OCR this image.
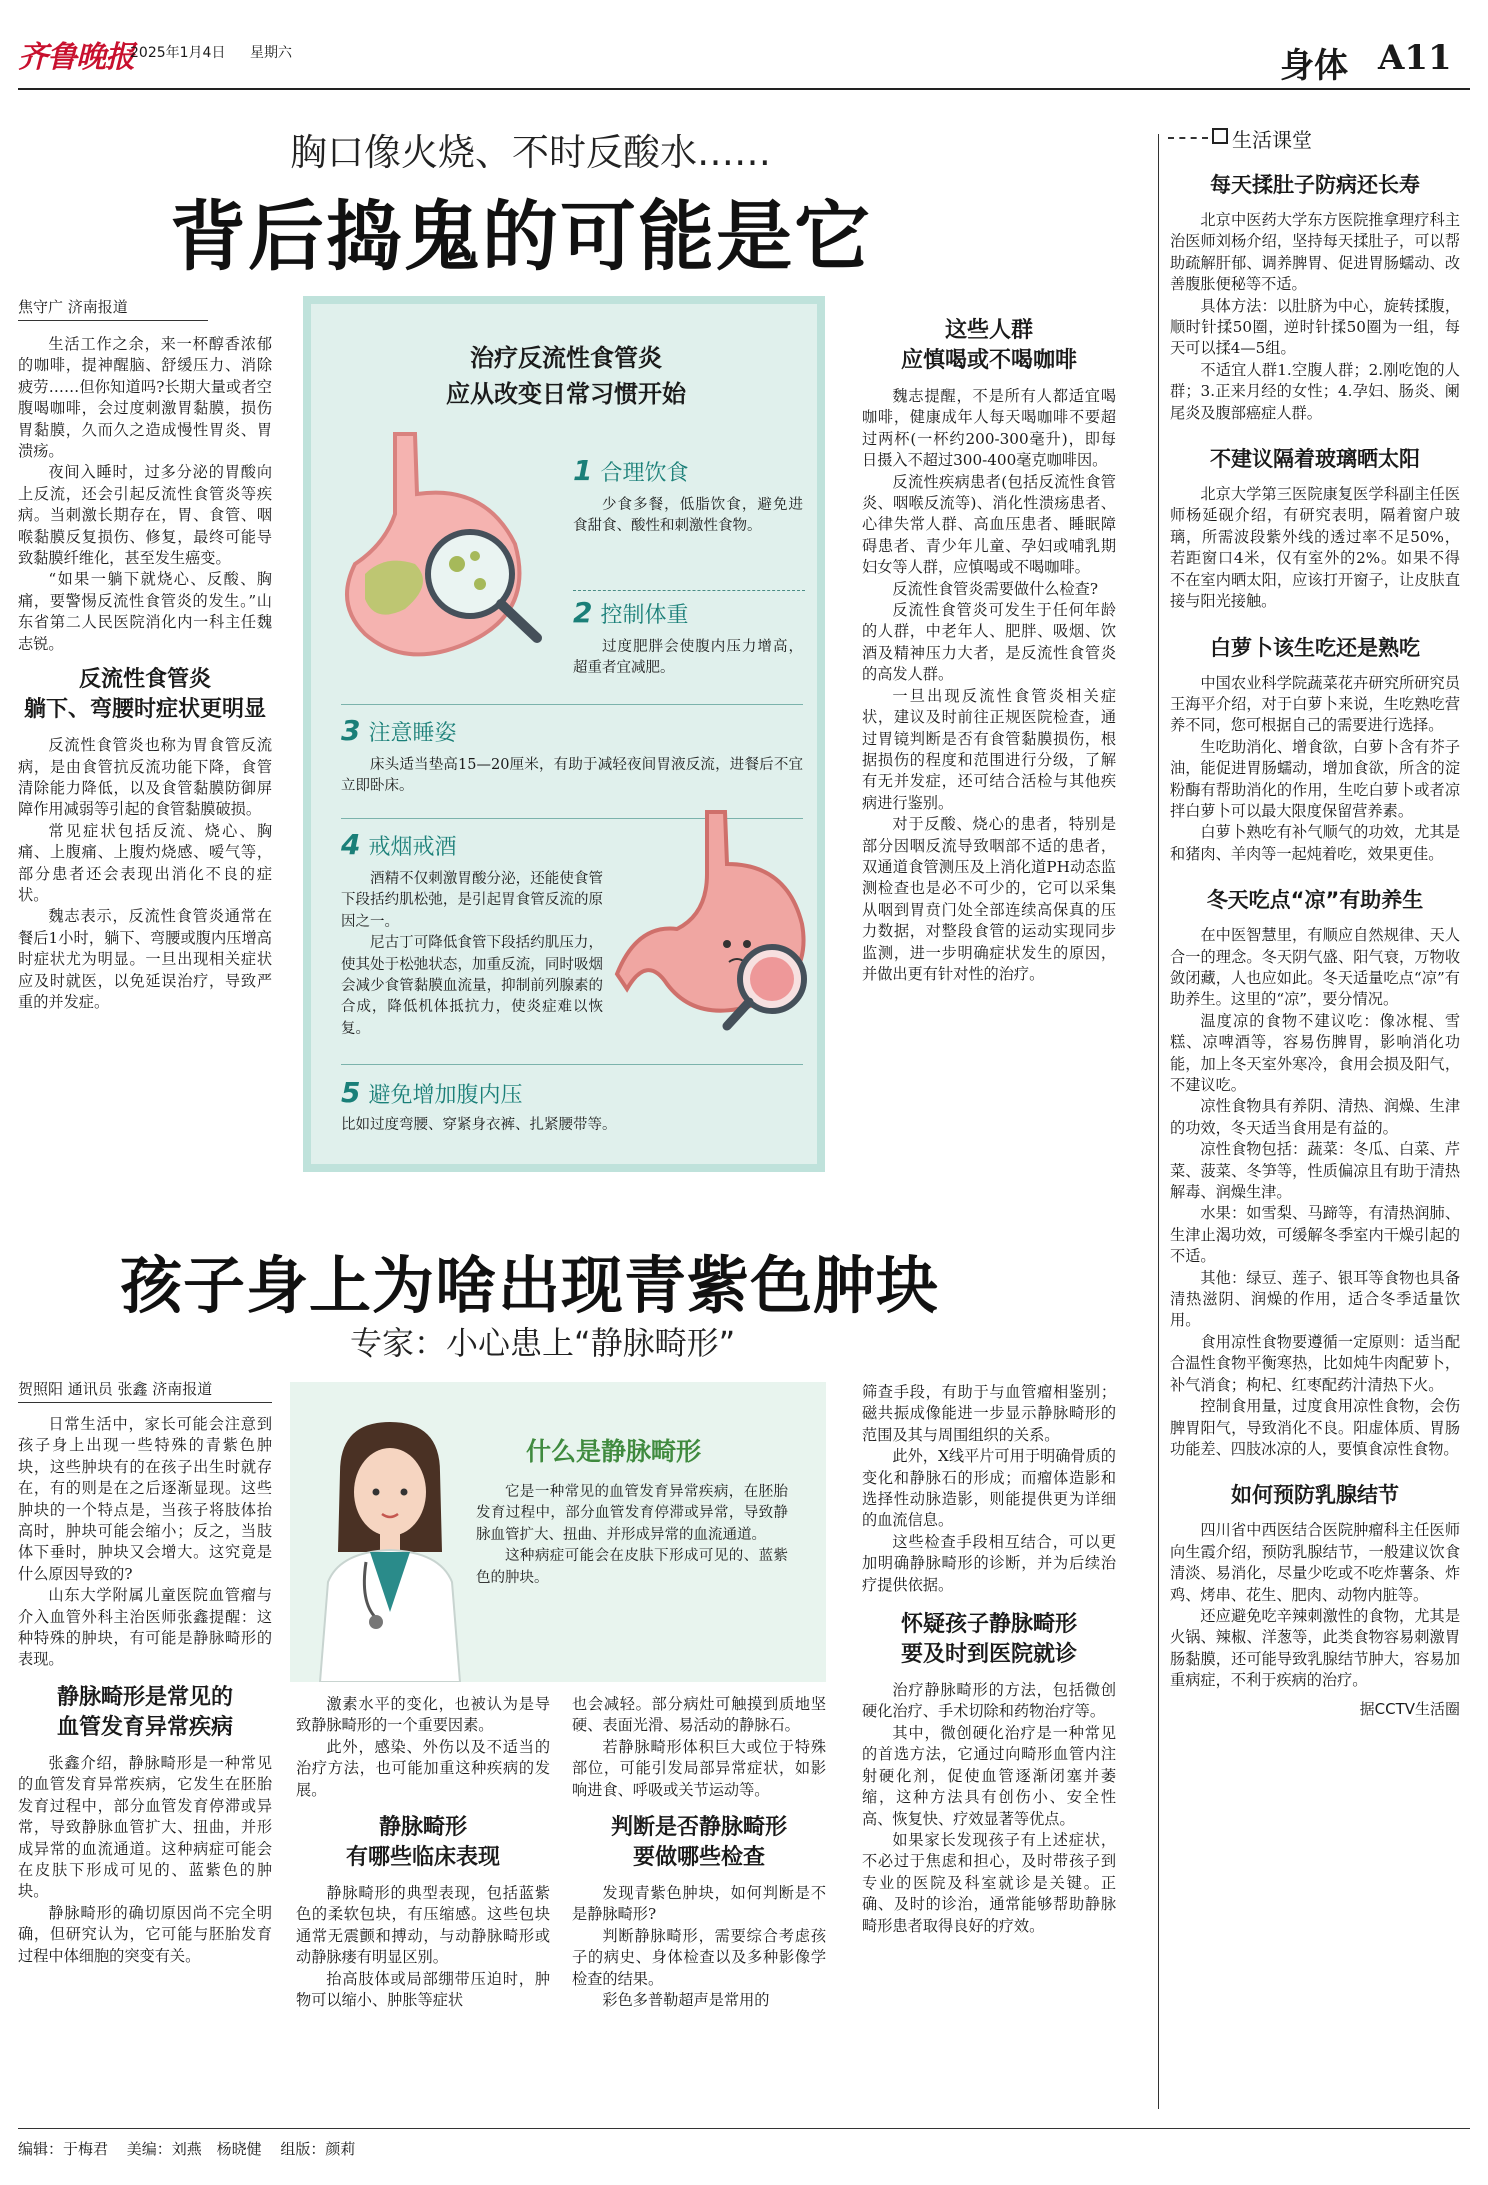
齐鲁晚报
2025年1月4日 星期六	身体 A11
胸口像火烧、不时反酸水……
背后捣鬼的可能是它
焦守广 济南报道

生活工作之余，来一杯醇香浓郁的咖啡，提神醒脑、舒缓压力、消除疲劳……但你知道吗?长期大量或者空腹喝咖啡，会过度刺激胃黏膜，损伤胃黏膜，久而久之造成慢性胃炎、胃溃疡。

夜间入睡时，过多分泌的胃酸向上反流，还会引起反流性食管炎等疾病。当刺激长期存在，胃、食管、咽喉黏膜反复损伤、修复，最终可能导致黏膜纤维化，甚至发生癌变。

“如果一躺下就烧心、反酸、胸痛，要警惕反流性食管炎的发生。”山东省第二人民医院消化内一科主任魏志锐。

反流性食管炎
躺下、弯腰时症状更明显

反流性食管炎也称为胃食管反流病，是由食管抗反流功能下降，食管清除能力降低，以及食管黏膜防御屏障作用减弱等引起的食管黏膜破损。

常见症状包括反流、烧心、胸痛、上腹痛、上腹灼烧感、嗳气等，部分患者还会表现出消化不良的症状。

魏志表示，反流性食管炎通常在餐后1小时，躺下、弯腰或腹内压增高时症状尤为明显。一旦出现相关症状应及时就医，以免延误治疗，导致严重的并发症。

治疗反流性食管炎
应从改变日常习惯开始
1 合理饮食

少食多餐，低脂饮食，避免进食甜食、酸性和刺激性食物。

2 控制体重

过度肥胖会使腹内压力增高，超重者宜减肥。

3 注意睡姿

床头适当垫高15—20厘米，有助于减轻夜间胃液反流，进餐后不宜立即卧床。

4 戒烟戒酒

酒精不仅刺激胃酸分泌，还能使食管下段括约肌松弛，是引起胃食管反流的原因之一。

尼古丁可降低食管下段括约肌压力，使其处于松弛状态，加重反流，同时吸烟会减少食管黏膜血流量，抑制前列腺素的合成，降低机体抵抗力，使炎症难以恢复。

5 避免增加腹内压

比如过度弯腰、穿紧身衣裤、扎紧腰带等。

这些人群
应慎喝或不喝咖啡

魏志提醒，不是所有人都适宜喝咖啡，健康成年人每天喝咖啡不要超过两杯(一杯约200-300毫升)，即每日摄入不超过300-400毫克咖啡因。

反流性疾病患者(包括反流性食管炎、咽喉反流等)、消化性溃疡患者、心律失常人群、高血压患者、睡眠障碍患者、青少年儿童、孕妇或哺乳期妇女等人群，应慎喝或不喝咖啡。

反流性食管炎需要做什么检查?

反流性食管炎可发生于任何年龄的人群，中老年人、肥胖、吸烟、饮酒及精神压力大者，是反流性食管炎的高发人群。

一旦出现反流性食管炎相关症状，建议及时前往正规医院检查，通过胃镜判断是否有食管黏膜损伤，根据损伤的程度和范围进行分级，了解有无并发症，还可结合活检与其他疾病进行鉴别。

对于反酸、烧心的患者，特别是部分因咽反流导致咽部不适的患者，双通道食管测压及上消化道PH动态监测检查也是必不可少的，它可以采集从咽到胃贲门处全部连续高保真的压力数据，对整段食管的运动实现同步监测，进一步明确症状发生的原因，并做出更有针对性的治疗。

孩子身上为啥出现青紫色肿块
专家：小心患上“静脉畸形”
贺照阳 通讯员 张鑫 济南报道

日常生活中，家长可能会注意到孩子身上出现一些特殊的青紫色肿块，这些肿块有的在孩子出生时就存在，有的则是在之后逐渐显现。这些肿块的一个特点是，当孩子将肢体抬高时，肿块可能会缩小；反之，当肢体下垂时，肿块又会增大。这究竟是什么原因导致的?

山东大学附属儿童医院血管瘤与介入血管外科主治医师张鑫提醒：这种特殊的肿块，有可能是静脉畸形的表现。

静脉畸形是常见的
血管发育异常疾病

张鑫介绍，静脉畸形是一种常见的血管发育异常疾病，它发生在胚胎发育过程中，部分血管发育停滞或异常，导致静脉血管扩大、扭曲，并形成异常的血流通道。这种病症可能会在皮肤下形成可见的、蓝紫色的肿块。

静脉畸形的确切原因尚不完全明确，但研究认为，它可能与胚胎发育过程中体细胞的突变有关。

什么是静脉畸形

它是一种常见的血管发育异常疾病，在胚胎发育过程中，部分血管发育停滞或异常，导致静脉血管扩大、扭曲、并形成异常的血流通道。

这种病症可能会在皮肤下形成可见的、蓝紫色的肿块。

激素水平的变化，也被认为是导致静脉畸形的一个重要因素。

此外，感染、外伤以及不适当的治疗方法，也可能加重这种疾病的发展。

静脉畸形
有哪些临床表现

静脉畸形的典型表现，包括蓝紫色的柔软包块，有压缩感。这些包块通常无震颤和搏动，与动静脉畸形或动静脉瘘有明显区别。

抬高肢体或局部绷带压迫时，肿物可以缩小、肿胀等症状

也会减轻。部分病灶可触摸到质地坚硬、表面光滑、易活动的静脉石。

若静脉畸形体积巨大或位于特殊部位，可能引发局部异常症状，如影响进食、呼吸或关节运动等。

判断是否静脉畸形
要做哪些检查

发现青紫色肿块，如何判断是不是静脉畸形?

判断静脉畸形，需要综合考虑孩子的病史、身体检查以及多种影像学检查的结果。

彩色多普勒超声是常用的

筛查手段，有助于与血管瘤相鉴别；磁共振成像能进一步显示静脉畸形的范围及其与周围组织的关系。

此外，X线平片可用于明确骨质的变化和静脉石的形成；而瘤体造影和选择性动脉造影，则能提供更为详细的血流信息。

这些检查手段相互结合，可以更加明确静脉畸形的诊断，并为后续治疗提供依据。

怀疑孩子静脉畸形
要及时到医院就诊

治疗静脉畸形的方法，包括微创硬化治疗、手术切除和药物治疗等。

其中，微创硬化治疗是一种常见的首选方法，它通过向畸形血管内注射硬化剂，促使血管逐渐闭塞并萎缩，这种方法具有创伤小、安全性高、恢复快、疗效显著等优点。

如果家长发现孩子有上述症状，不必过于焦虑和担心，及时带孩子到专业的医院及科室就诊是关键。正确、及时的诊治，通常能够帮助静脉畸形患者取得良好的疗效。

生活课堂
每天揉肚子防病还长寿

北京中医药大学东方医院推拿理疗科主治医师刘杨介绍，坚持每天揉肚子，可以帮助疏解肝郁、调养脾胃、促进胃肠蠕动、改善腹胀便秘等不适。

具体方法：以肚脐为中心，旋转揉腹，顺时针揉50圈，逆时针揉50圈为一组，每天可以揉4—5组。

不适宜人群1.空腹人群；2.刚吃饱的人群；3.正来月经的女性；4.孕妇、肠炎、阑尾炎及腹部癌症人群。

不建议隔着玻璃晒太阳

北京大学第三医院康复医学科副主任医师杨延砚介绍，有研究表明，隔着窗户玻璃，所需波段紫外线的透过率不足50%，若距窗口4米，仅有室外的2%。如果不得不在室内晒太阳，应该打开窗子，让皮肤直接与阳光接触。

白萝卜该生吃还是熟吃

中国农业科学院蔬菜花卉研究所研究员王海平介绍，对于白萝卜来说，生吃熟吃营养不同，您可根据自己的需要进行选择。

生吃助消化、增食欲，白萝卜含有芥子油，能促进胃肠蠕动，增加食欲，所含的淀粉酶有帮助消化的作用，生吃白萝卜或者凉拌白萝卜可以最大限度保留营养素。

白萝卜熟吃有补气顺气的功效，尤其是和猪肉、羊肉等一起炖着吃，效果更佳。

冬天吃点“凉”有助养生

在中医智慧里，有顺应自然规律、天人合一的理念。冬天阴气盛、阳气衰，万物收敛闭藏，人也应如此。冬天适量吃点“凉”有助养生。这里的“凉”，要分情况。

温度凉的食物不建议吃：像冰棍、雪糕、凉啤酒等，容易伤脾胃，影响消化功能，加上冬天室外寒冷，食用会损及阳气，不建议吃。

凉性食物具有养阴、清热、润燥、生津的功效，冬天适当食用是有益的。

凉性食物包括：蔬菜：冬瓜、白菜、芹菜、菠菜、冬笋等，性质偏凉且有助于清热解毒、润燥生津。

水果：如雪梨、马蹄等，有清热润肺、生津止渴功效，可缓解冬季室内干燥引起的不适。

其他：绿豆、莲子、银耳等食物也具备清热滋阴、润燥的作用，适合冬季适量饮用。

食用凉性食物要遵循一定原则：适当配合温性食物平衡寒热，比如炖牛肉配萝卜，补气消食；枸杞、红枣配药汁清热下火。

控制食用量，过度食用凉性食物，会伤脾胃阳气，导致消化不良。阳虚体质、胃肠功能差、四肢冰凉的人，要慎食凉性食物。

如何预防乳腺结节

四川省中西医结合医院肿瘤科主任医师向生霞介绍，预防乳腺结节，一般建议饮食清淡、易消化，尽量少吃或不吃炸薯条、炸鸡、烤串、花生、肥肉、动物内脏等。

还应避免吃辛辣刺激性的食物，尤其是火锅、辣椒、洋葱等，此类食物容易刺激胃肠黏膜，还可能导致乳腺结节肿大，容易加重病症，不利于疾病的治疗。

据CCTV生活圈
编辑：于梅君 美编：刘燕 杨晓健 组版：颜莉
